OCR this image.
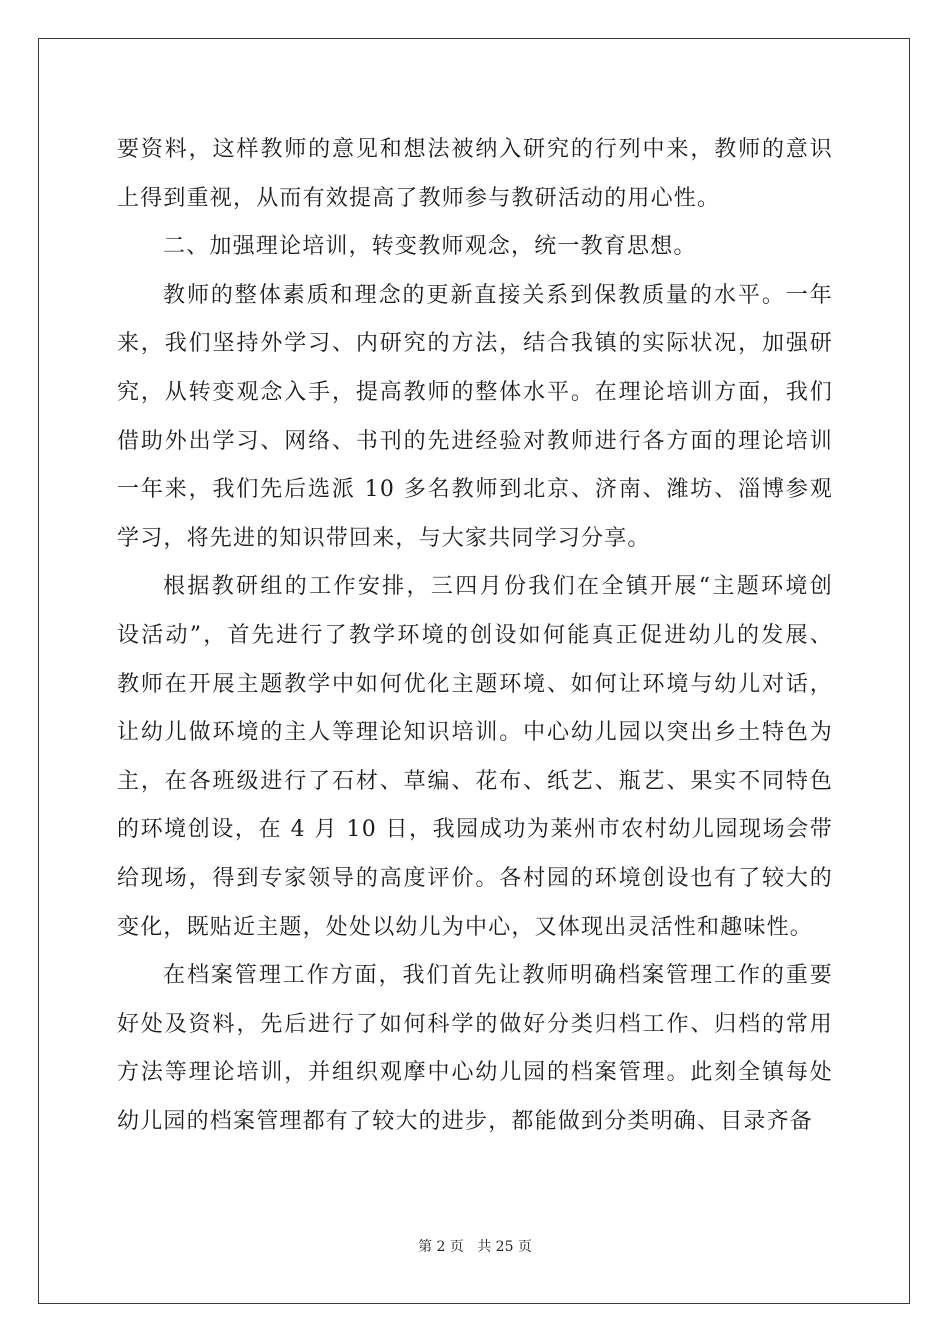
要资料，这样教师的意见和想法被纳入研究的行列中来，教师的意识
上得到重视，从而有效提高了教师参与教研活动的用心性。
二、加强理论培训，转变教师观念，统一教育思想。
教师的整体素质和理念的更新直接关系到保教质量的水平。一年
来，我们坚持外学习、内研究的方法，结合我镇的实际状况，加强研
究，从转变观念入手，提高教师的整体水平。在理论培训方面，我们
借助外出学习、网络、书刊的先进经验对教师进行各方面的理论培训
一年来，我们先后选派 10 多名教师到北京、济南、潍坊、淄博参观
学习，将先进的知识带回来，与大家共同学习分享。
根据教研组的工作安排，三四月份我们在全镇开展“主题环境创
设活动”，首先进行了教学环境的创设如何能真正促进幼儿的发展、
教师在开展主题教学中如何优化主题环境、如何让环境与幼儿对话，
让幼儿做环境的主人等理论知识培训。中心幼儿园以突出乡土特色为
主，在各班级进行了石材、草编、花布、纸艺、瓶艺、果实不同特色
的环境创设，在 4 月 10 日，我园成功为莱州市农村幼儿园现场会带
给现场，得到专家领导的高度评价。各村园的环境创设也有了较大的
变化，既贴近主题，处处以幼儿为中心，又体现出灵活性和趣味性。
在档案管理工作方面，我们首先让教师明确档案管理工作的重要
好处及资料，先后进行了如何科学的做好分类归档工作、归档的常用
方法等理论培训，并组织观摩中心幼儿园的档案管理。此刻全镇每处
幼儿园的档案管理都有了较大的进步，都能做到分类明确、目录齐备
第 2 页   共 25 页
